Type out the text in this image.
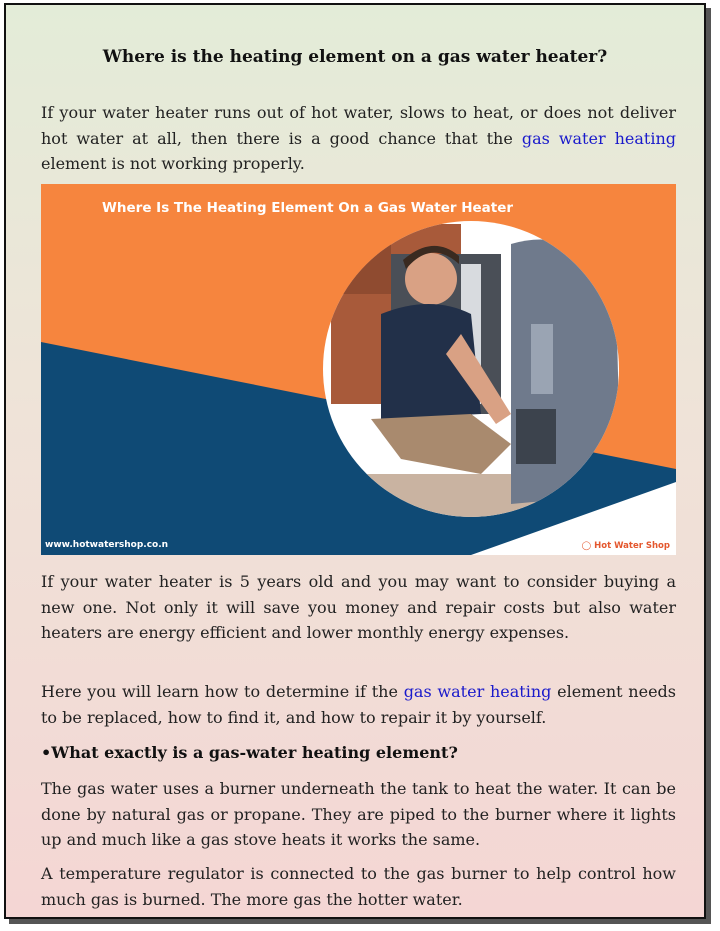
Where is the heating element on a gas water heater?

If your water heater runs out of hot water, slows to heat, or does not deliver hot water at all, then there is a good chance that the gas water heating element is not working properly.

Where Is The Heating Element On a Gas Water Heater
www.hotwatershop.co.n	◯ Hot Water Shop

If your water heater is 5 years old and you may want to consider buying a new one. Not only it will save you money and repair costs but also water heaters are energy efficient and lower monthly energy expenses.

Here you will learn how to determine if the gas water heating element needs to be replaced, how to find it, and how to repair it by yourself.

•What exactly is a gas-water heating element?

The gas water uses a burner underneath the tank to heat the water. It can be done by natural gas or propane. They are piped to the burner where it lights up and much like a gas stove heats it works the same.

A temperature regulator is connected to the gas burner to help control how much gas is burned. The more gas the hotter water.
